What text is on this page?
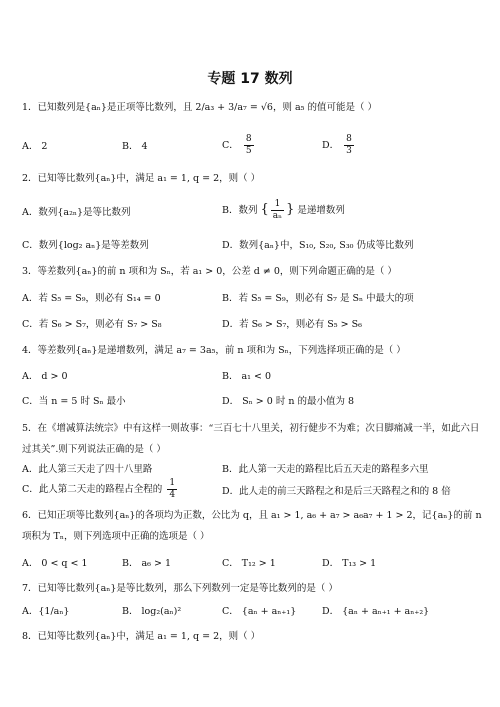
专题 17 数列
1．已知数列是{aₙ}是正项等比数列，且 2/a₃ + 3/a₇ = √6，则 a₅ 的值可能是（ ）
A． 2	B． 4	C． $\frac{8}{5}$	D． $\frac{8}{3}$
2．已知等比数列{aₙ}中，满足 a₁ = 1, q = 2，则（ ）
A．数列{a₂ₙ}是等比数列	B．数列 { $\frac{1}{\text{aₙ}}$ } 是递增数列
C．数列{log₂ aₙ}是等差数列	D．数列{aₙ}中，S₁₀, S₂₀, S₃₀ 仍成等比数列
3．等差数列{aₙ}的前 n 项和为 Sₙ，若 a₁ > 0，公差 d ≠ 0，则下列命题正确的是（ ）
A．若 S₅ = S₉，则必有 S₁₄ = 0	B．若 S₅ = S₉，则必有 S₇ 是 Sₙ 中最大的项
C．若 S₆ > S₇，则必有 S₇ > S₈	D．若 S₆ > S₇，则必有 S₅ > S₆
4．等差数列{aₙ}是递增数列，满足 a₇ = 3a₅，前 n 项和为 Sₙ，下列选择项正确的是（ ）
A． d > 0	B． a₁ < 0
C．当 n = 5 时 Sₙ 最小	D． Sₙ > 0 时 n 的最小值为 8
5．在《增减算法统宗》中有这样一则故事：“三百七十八里关，初行健步不为难；次日脚痛减一半，如此六日过其关”.则下列说法正确的是（ ）
A．此人第三天走了四十八里路	B．此人第一天走的路程比后五天走的路程多六里
C．此人第二天走的路程占全程的 $\frac{1}{4}$	D．此人走的前三天路程之和是后三天路程之和的 8 倍
6．已知正项等比数列{aₙ}的各项均为正数，公比为 q，且 a₁ > 1, a₆ + a₇ > a₆a₇ + 1 > 2，记{aₙ}的前 n 项积为 Tₙ，则下列选项中正确的选项是（ ）
A． 0 < q < 1	B． a₆ > 1	C． T₁₂ > 1	D． T₁₃ > 1
7．已知等比数列{aₙ}是等比数列，那么下列数列一定是等比数列的是（ ）
A．{1/aₙ}	B． log₂(aₙ)²	C． {aₙ + aₙ₊₁}	D． {aₙ + aₙ₊₁ + aₙ₊₂}
8．已知等比数列{aₙ}中，满足 a₁ = 1, q = 2，则（ ）
